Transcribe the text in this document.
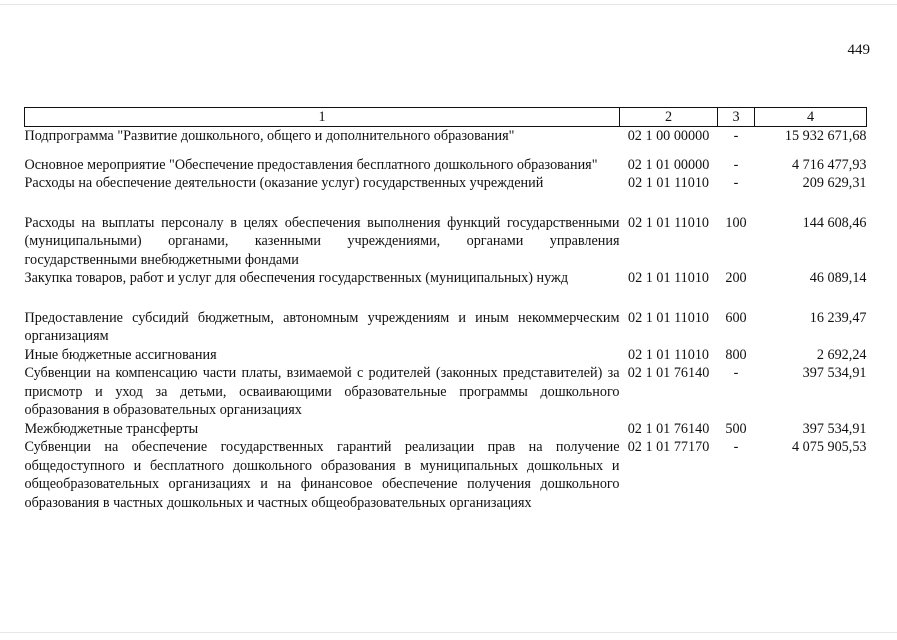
449
1	2	3	4
Подпрограмма "Развитие дошкольного, общего и дополнительного образования"	02 1 00 00000	-	15 932 671,68
Основное мероприятие "Обеспечение предоставления бесплатного дошкольного образования"	02 1 01 00000	-	4 716 477,93
Расходы на обеспечение деятельности (оказание услуг) государственных учреждений	02 1 01 11010	-	209 629,31
Расходы на выплаты персоналу в целях обеспечения выполнения функций государственными (муниципальными) органами, казенными учреждениями, органами управления государственными внебюджетными фондами	02 1 01 11010	100	144 608,46
Закупка товаров, работ и услуг для обеспечения государственных (муниципальных) нужд	02 1 01 11010	200	46 089,14
Предоставление субсидий бюджетным, автономным учреждениям и иным некоммерческим организациям	02 1 01 11010	600	16 239,47
Иные бюджетные ассигнования	02 1 01 11010	800	2 692,24
Субвенции на компенсацию части платы, взимаемой с родителей (законных представителей) за присмотр и уход за детьми, осваивающими образовательные программы дошкольного образования в образовательных организациях	02 1 01 76140	-	397 534,91
Межбюджетные трансферты	02 1 01 76140	500	397 534,91
Субвенции на обеспечение государственных гарантий реализации прав на получение общедоступного и бесплатного дошкольного образования в муниципальных дошкольных и общеобразовательных организациях и на финансовое обеспечение получения дошкольного образования в частных дошкольных и частных общеобразовательных организациях	02 1 01 77170	-	4 075 905,53
